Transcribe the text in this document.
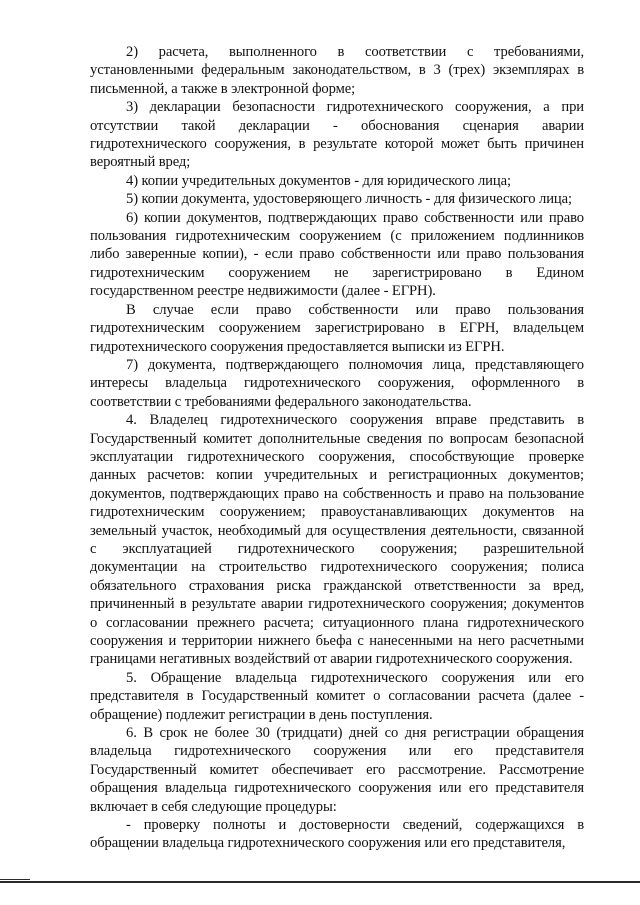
2) расчета, выполненного в соответствии с требованиями, установленными федеральным законодательством, в 3 (трех) экземплярах в письменной, а также в электронной форме;

3) декларации безопасности гидротехнического сооружения, а при отсутствии такой декларации - обоснования сценария аварии гидротехнического сооружения, в результате которой может быть причинен вероятный вред;

4) копии учредительных документов - для юридического лица;

5) копии документа, удостоверяющего личность - для физического лица;

6) копии документов, подтверждающих право собственности или право пользования гидротехническим сооружением (с приложением подлинников либо заверенные копии), - если право собственности или право пользования гидротехническим сооружением не зарегистрировано в Едином государственном реестре недвижимости (далее - ЕГРН).

В случае если право собственности или право пользования гидротехническим сооружением зарегистрировано в ЕГРН, владельцем гидротехнического сооружения предоставляется выписки из ЕГРН.

7) документа, подтверждающего полномочия лица, представляющего интересы владельца гидротехнического сооружения, оформленного в соответствии с требованиями федерального законодательства.

4. Владелец гидротехнического сооружения вправе представить в Государственный комитет дополнительные сведения по вопросам безопасной эксплуатации гидротехнического сооружения, способствующие проверке данных расчетов: копии учредительных и регистрационных документов; документов, подтверждающих право на собственность и право на пользование гидротехническим сооружением; правоустанавливающих документов на земельный участок, необходимый для осуществления деятельности, связанной с эксплуатацией гидротехнического сооружения; разрешительной документации на строительство гидротехнического сооружения; полиса обязательного страхования риска гражданской ответственности за вред, причиненный в результате аварии гидротехнического сооружения; документов о согласовании прежнего расчета; ситуационного плана гидротехнического сооружения и территории нижнего бьефа с нанесенными на него расчетными границами негативных воздействий от аварии гидротехнического сооружения.

5. Обращение владельца гидротехнического сооружения или его представителя в Государственный комитет о согласовании расчета (далее - обращение) подлежит регистрации в день поступления.

6. В срок не более 30 (тридцати) дней со дня регистрации обращения владельца гидротехнического сооружения или его представителя Государственный комитет обеспечивает его рассмотрение. Рассмотрение обращения владельца гидротехнического сооружения или его представителя включает в себя следующие процедуры:

- проверку полноты и достоверности сведений, содержащихся в обращении владельца гидротехнического сооружения или его представителя,
